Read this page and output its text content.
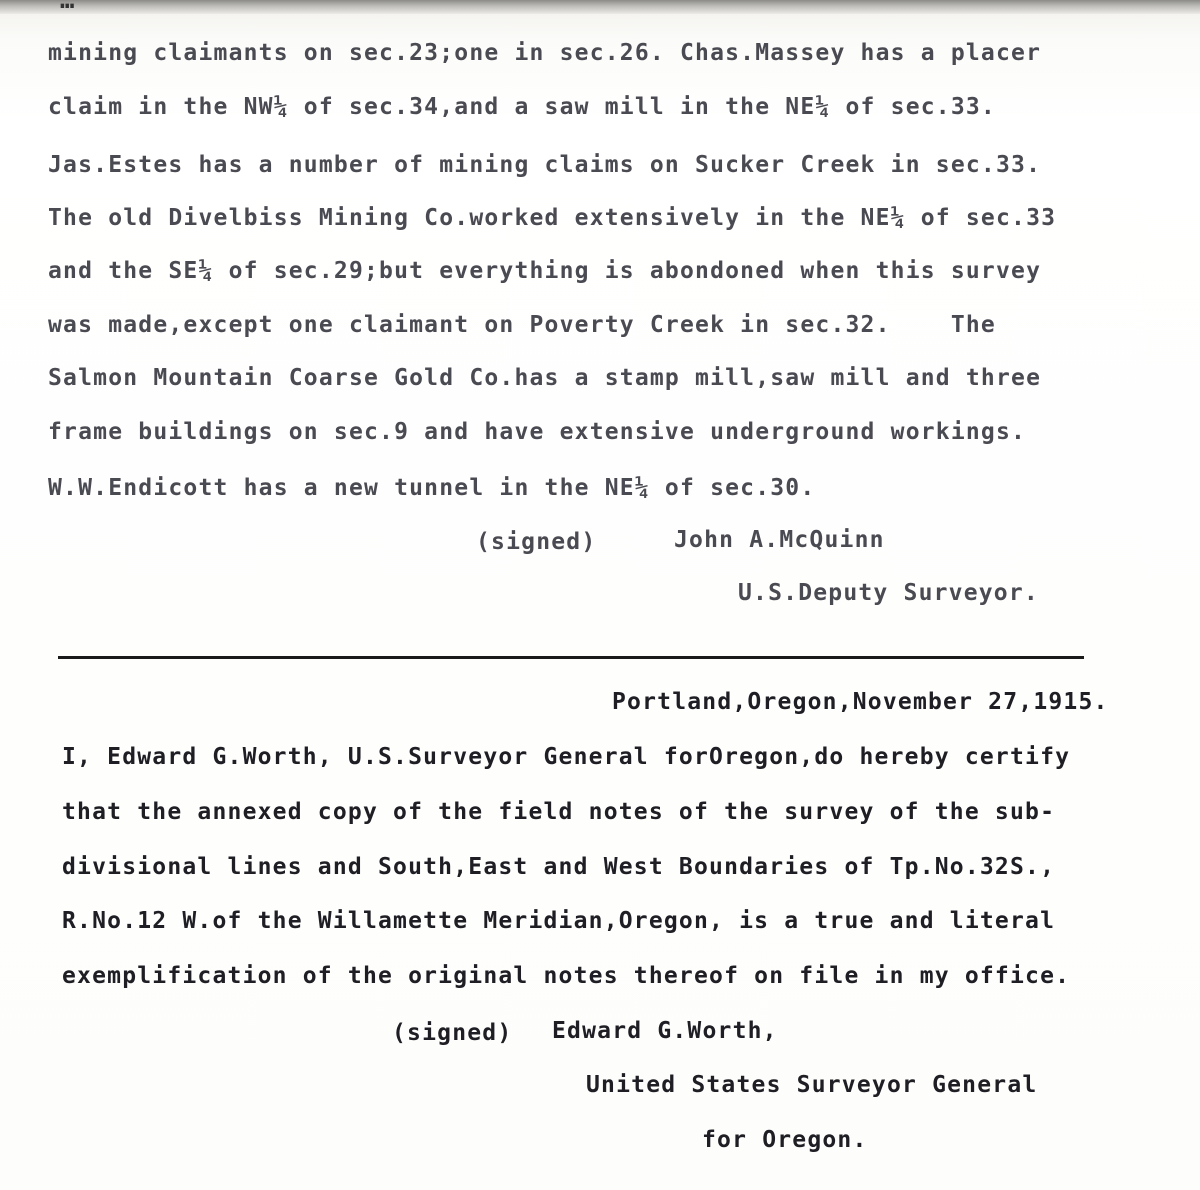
…
mining claimants on sec.23;one in sec.26. Chas.Massey has a placer
claim in the NW¼ of sec.34,and a saw mill in the NE¼ of sec.33.
Jas.Estes has a number of mining claims on Sucker Creek in sec.33.
The old Divelbiss Mining Co.worked extensively in the NE¼ of sec.33
and the SE¼ of sec.29;but everything is abondoned when this survey
was made,except one claimant on Poverty Creek in sec.32.    The
Salmon Mountain Coarse Gold Co.has a stamp mill,saw mill and three
frame buildings on sec.9 and have extensive underground workings.
W.W.Endicott has a new tunnel in the NE¼ of sec.30.
(signed)	John A.McQuinn
U.S.Deputy Surveyor.
Portland,Oregon,November 27,1915.
I, Edward G.Worth, U.S.Surveyor General forOregon,do hereby certify
that the annexed copy of the field notes of the survey of the sub-
divisional lines and South,East and West Boundaries of Tp.No.32S.,
R.No.12 W.of the Willamette Meridian,Oregon, is a true and literal
exemplification of the original notes thereof on file in my office.
(signed) Edward G.Worth,
United States Surveyor General
for Oregon.
